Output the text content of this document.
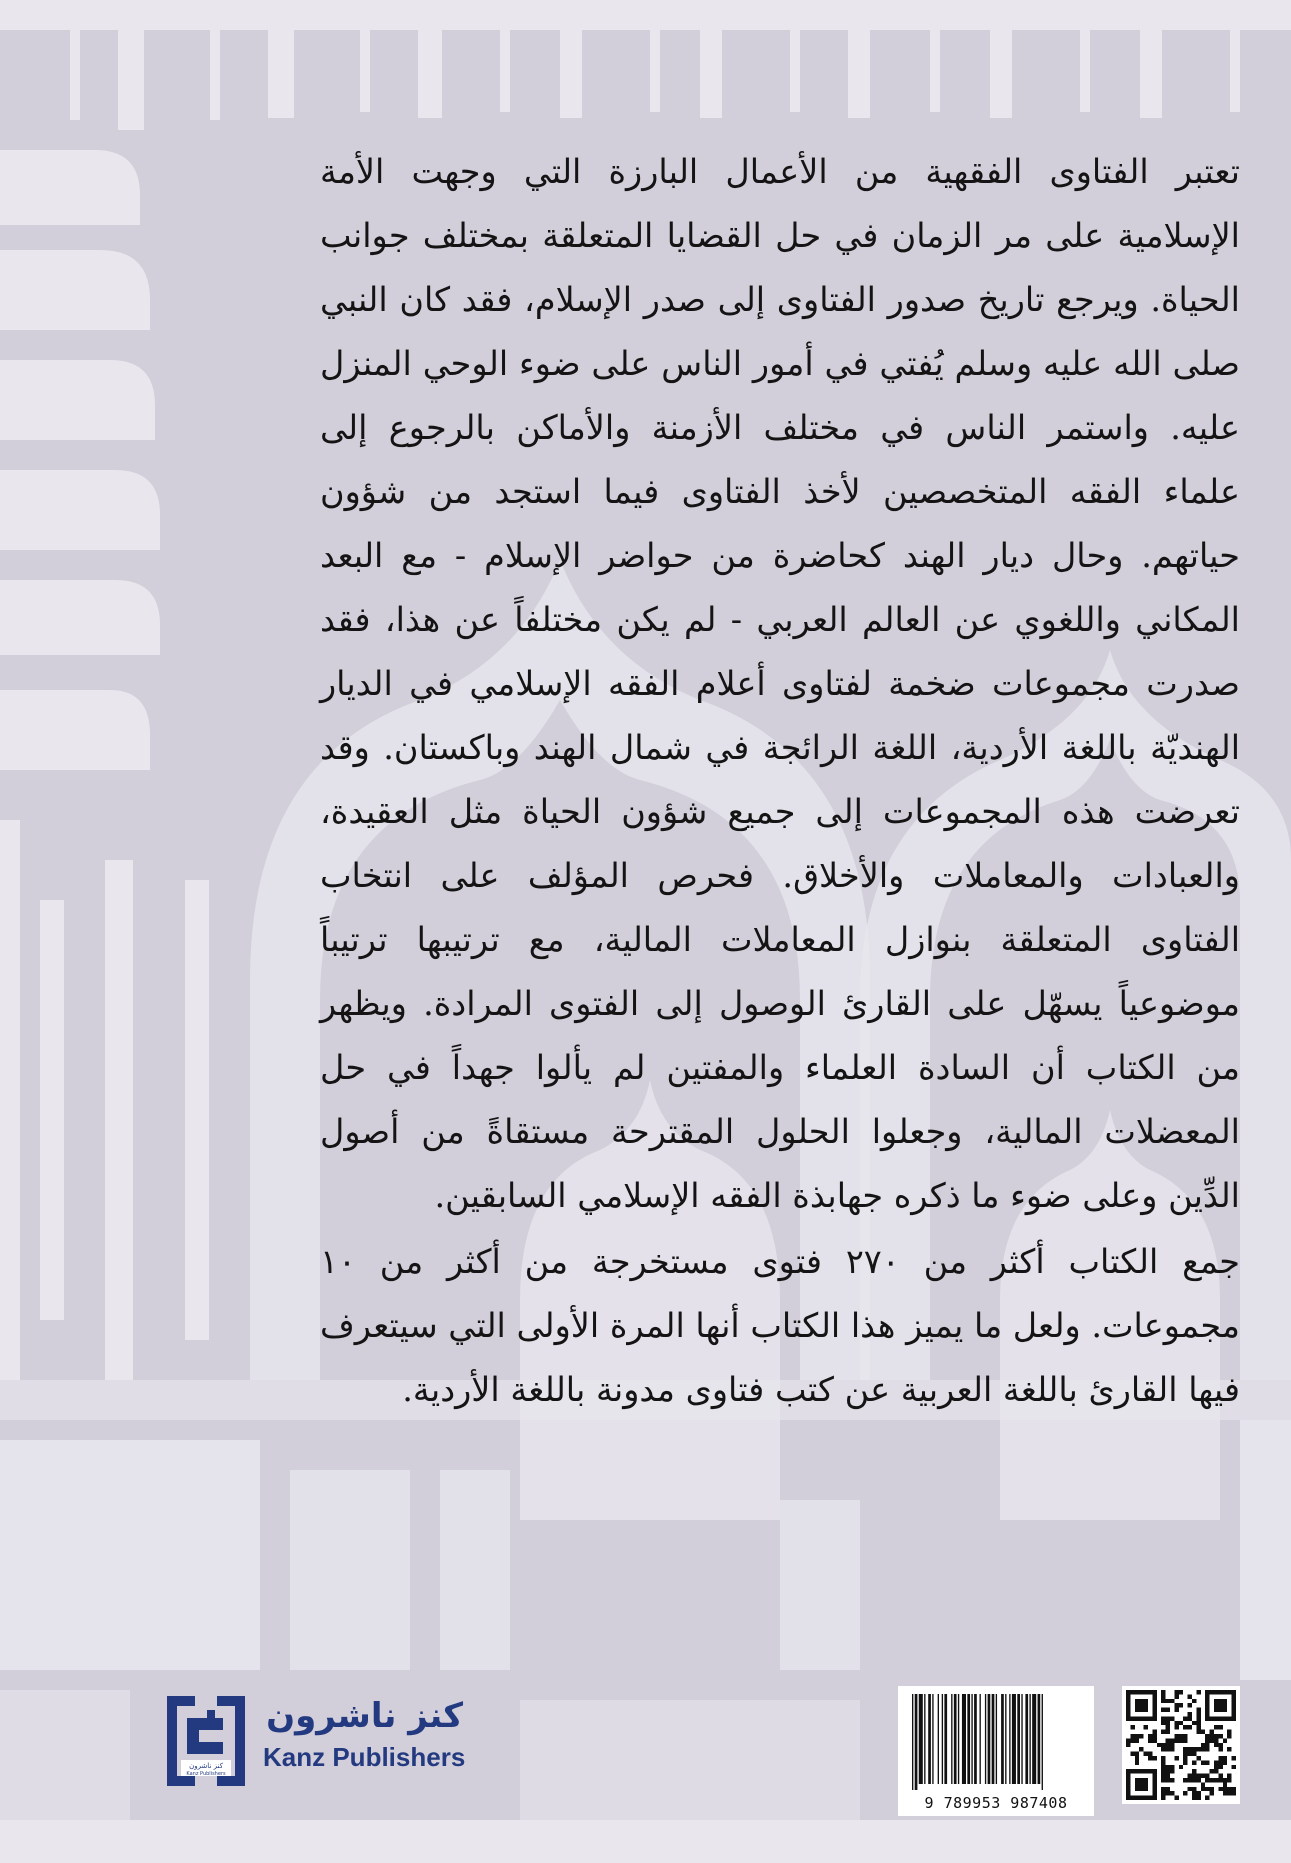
تعتبر الفتاوى الفقهية من الأعمال البارزة التي وجهت الأمة الإسلامية على مر الزمان في حل القضايا المتعلقة بمختلف جوانب الحياة. ويرجع تاريخ صدور الفتاوى إلى صدر الإسلام، فقد كان النبي صلى الله عليه وسلم يُفتي في أمور الناس على ضوء الوحي المنزل عليه. واستمر الناس في مختلف الأزمنة والأماكن بالرجوع إلى علماء الفقه المتخصصين لأخذ الفتاوى فيما استجد من شؤون حياتهم. وحال ديار الهند كحاضرة من حواضر الإسلام - مع البعد المكاني واللغوي عن العالم العربي - لم يكن مختلفاً عن هذا، فقد صدرت مجموعات ضخمة لفتاوى أعلام الفقه الإسلامي في الديار الهنديّة باللغة الأردية، اللغة الرائجة في شمال الهند وباكستان. وقد تعرضت هذه المجموعات إلى جميع شؤون الحياة مثل العقيدة، والعبادات والمعاملات والأخلاق. فحرص المؤلف على انتخاب الفتاوى المتعلقة بنوازل المعاملات المالية، مع ترتيبها ترتيباً موضوعياً يسهّل على القارئ الوصول إلى الفتوى المرادة. ويظهر من الكتاب أن السادة العلماء والمفتين لم يألوا جهداً في حل المعضلات المالية، وجعلوا الحلول المقترحة مستقاةً من أصول الدِّين وعلى ضوء ما ذكره جهابذة الفقه الإسلامي السابقين.

جمع الكتاب أكثر من ٢٧٠ فتوى مستخرجة من أكثر من ١٠ مجموعات. ولعل ما يميز هذا الكتاب أنها المرة الأولى التي سيتعرف فيها القارئ باللغة العربية عن كتب فتاوى مدونة باللغة الأردية.

كنز ناشرون
Kanz Publishers
كنز ناشرون
Kanz Publishers
9 789953 987408
